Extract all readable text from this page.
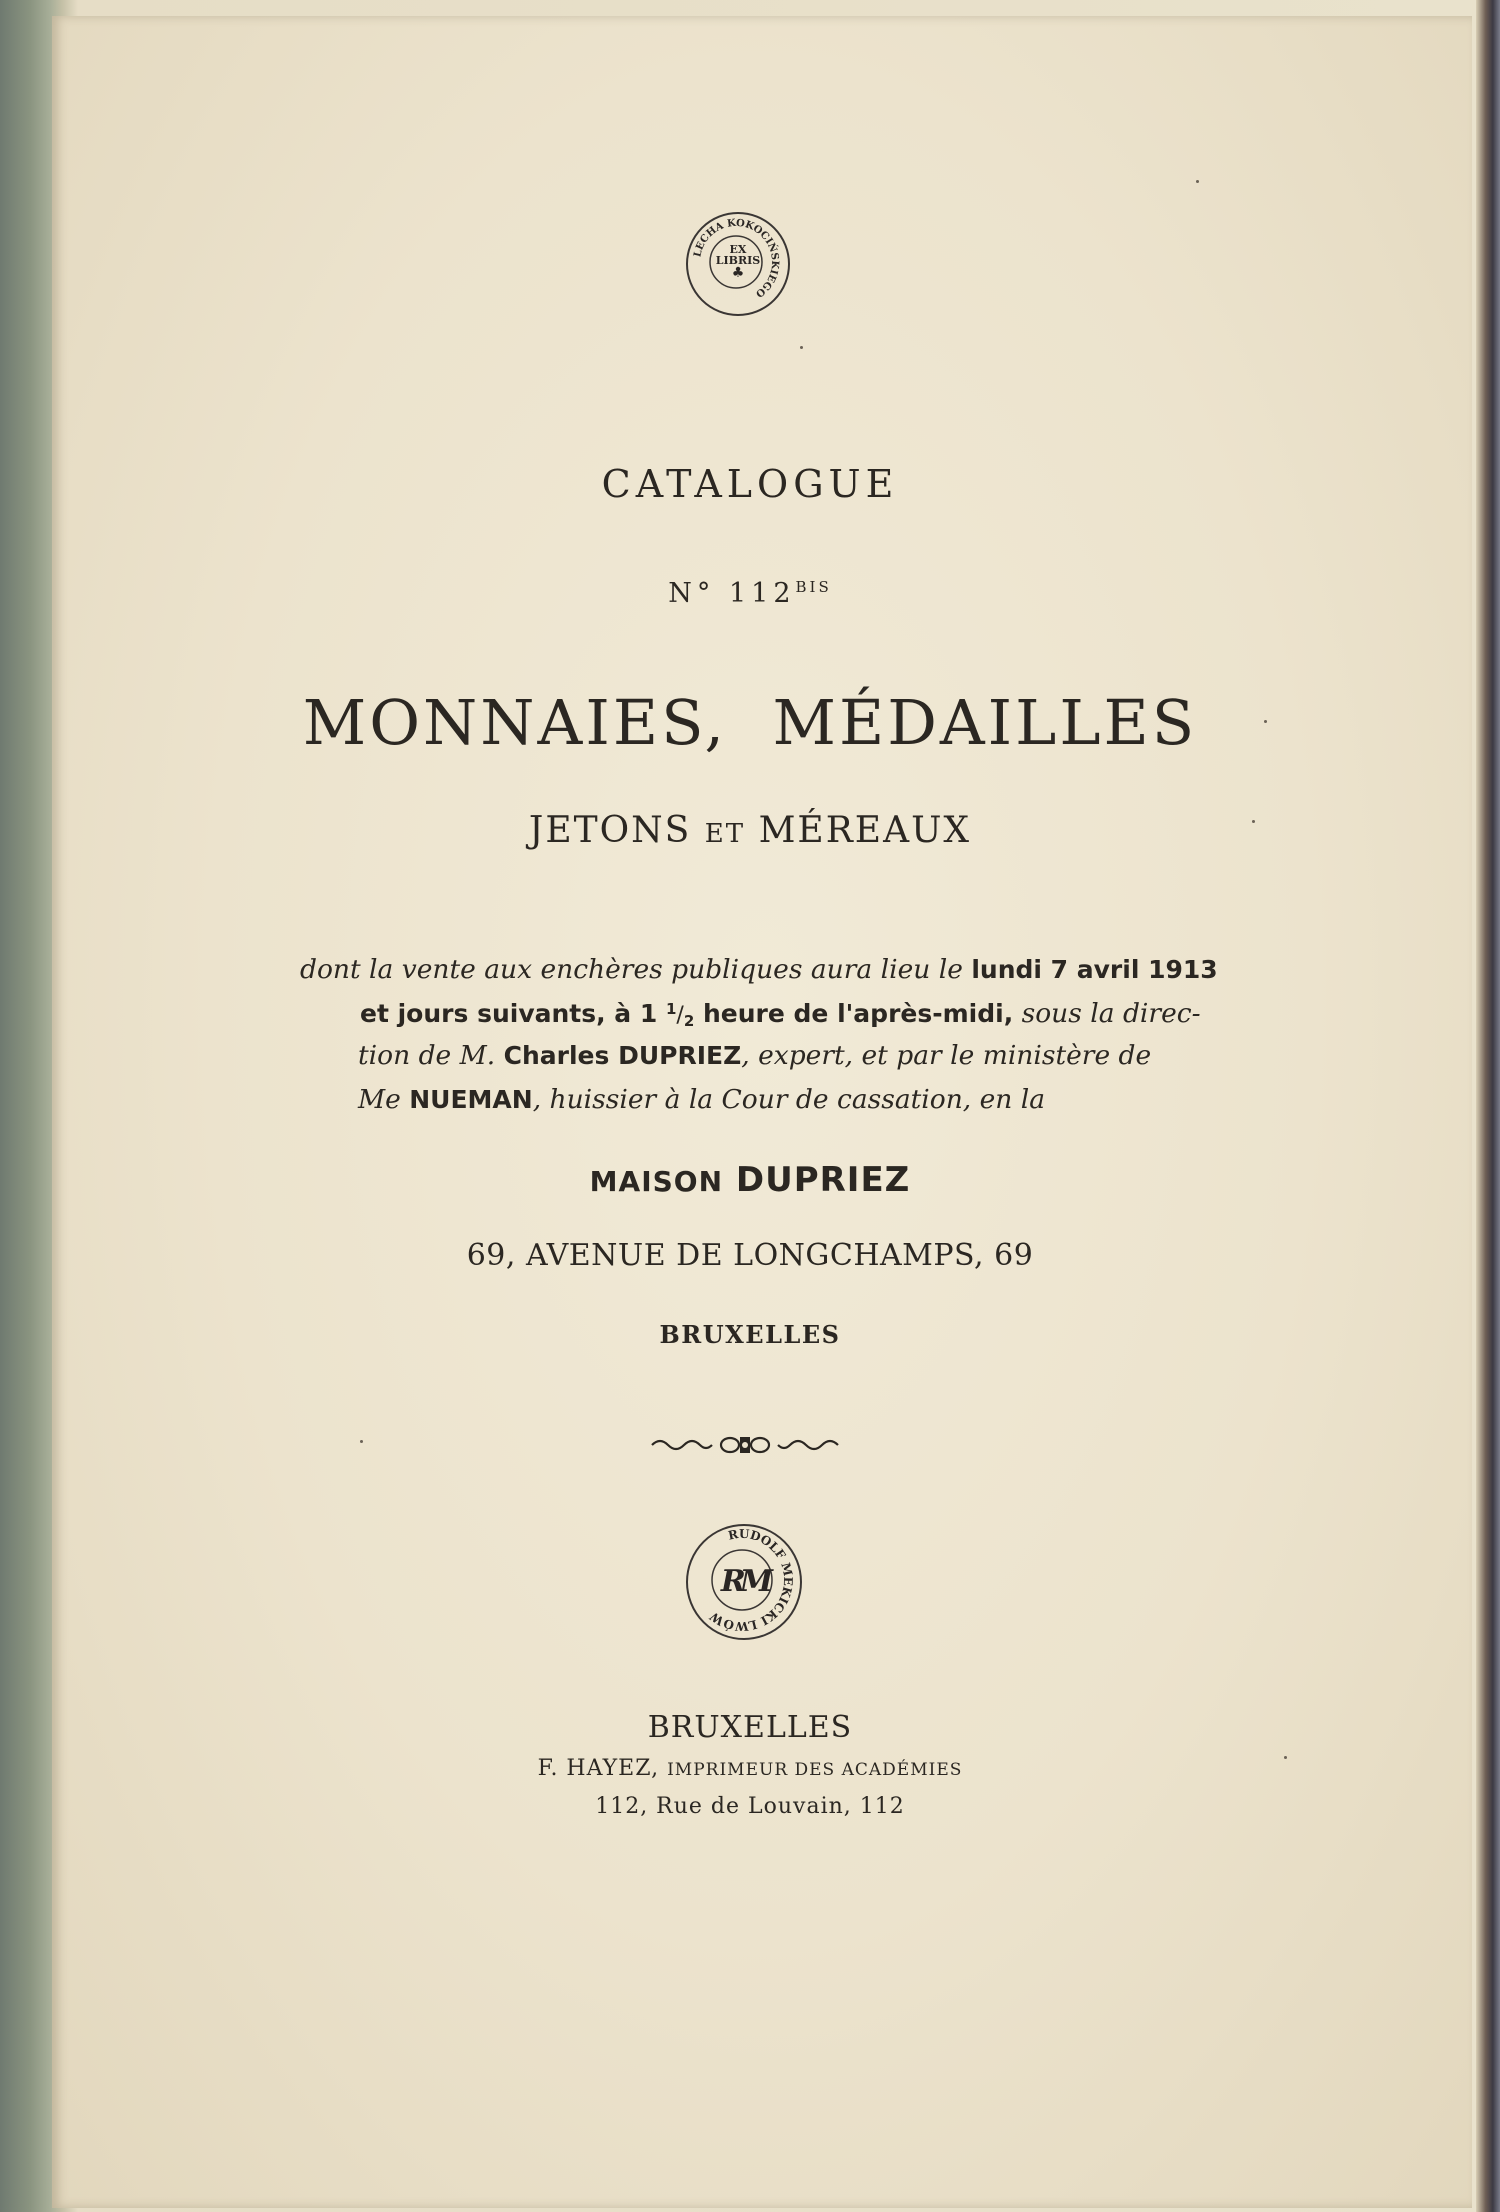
LECHA KOKOCIŃSKIEGO
EX
LIBRIS
♣
CATALOGUE
N° $112^{BIS}$
MONNAIES,  MÉDAILLES
JETONS ET MÉREAUX
dont la vente aux enchères publiques aura lieu le lundi 7 avril 1913
et jours suivants, à 1 $^1$/2 heure de l'après-midi, sous la direc-
tion de M. Charles DUPRIEZ, expert, et par le ministère de
Me NUEMAN, huissier à la Cour de cassation, en la
MAISON DUPRIEZ
69, AVENUE DE LONGCHAMPS, 69
BRUXELLES
RUDOLF MEKICKI LWÓW
RM
BRUXELLES
F. HAYEZ, IMPRIMEUR DES ACADÉMIES
112, Rue de Louvain, 112
